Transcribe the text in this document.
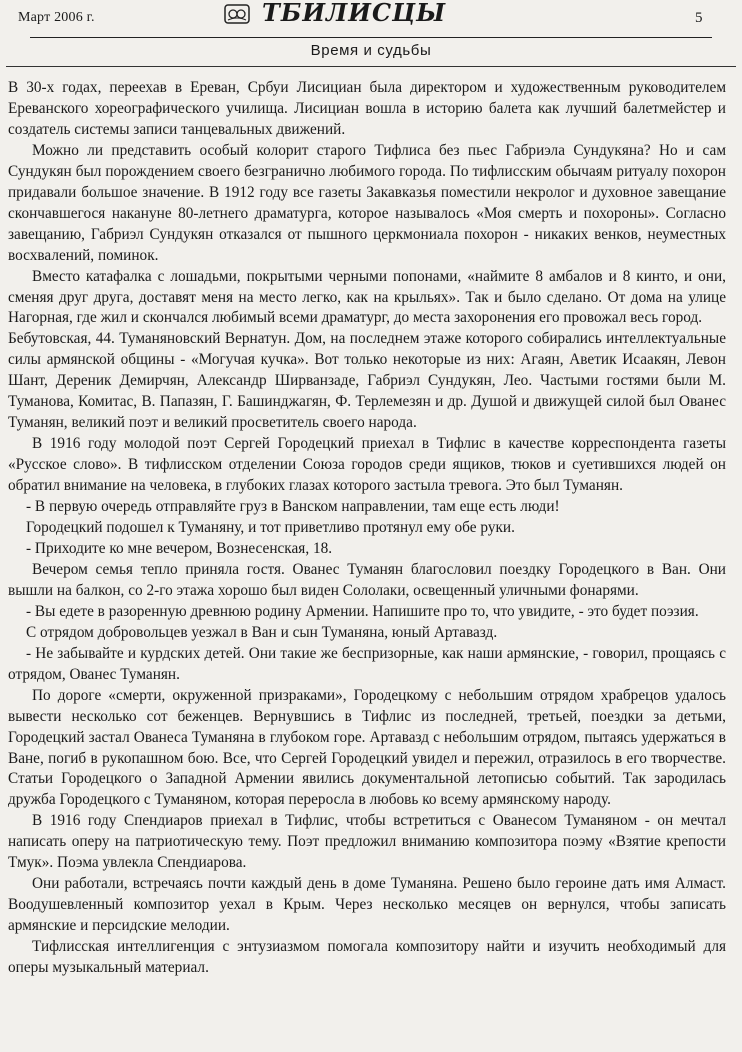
Март 2006 г.	ТБИЛИСЦЫ	5
Время и судьбы

В 30-х годах, переехав в Ереван, Србуи Лисициан была директором и художественным руководителем Ереванского хореографического училища. Лисициан вошла в историю балета как лучший балетмейстер и создатель системы записи танцевальных движений.

Можно ли представить особый колорит старого Тифлиса без пьес Габриэла Сундукяна? Но и сам Сундукян был порождением своего безгранично любимого города. По тифлисским обычаям ритуалу похорон придавали большое значение. В 1912 году все газеты Закавказья поместили некролог и духовное завещание скончавшегося накануне 80-летнего драматурга, которое называлось «Моя смерть и похороны». Согласно завещанию, Габриэл Сундукян отказался от пышного церкмониала похорон - никаких венков, неуместных восхвалений, поминок.

Вместо катафалка с лошадьми, покрытыми черными попонами, «наймите 8 амбалов и 8 кинто, и они, сменяя друг друга, доставят меня на место легко, как на крыльях». Так и было сделано. От дома на улице Нагорная, где жил и скончался любимый всеми драматург, до места захоронения его провожал весь город.

Бебутовская, 44. Туманяновский Вернатун. Дом, на последнем этаже которого собирались интеллектуальные силы армянской общины - «Могучая кучка». Вот только некоторые из них: Агаян, Аветик Исаакян, Левон Шант, Дереник Демирчян, Александр Ширванзаде, Габриэл Сундукян, Лео. Частыми гостями были М. Туманова, Комитас, В. Папазян, Г. Башинджагян, Ф. Терлемезян и др. Душой и движущей силой был Ованес Туманян, великий поэт и великий просветитель своего народа.

В 1916 году молодой поэт Сергей Городецкий приехал в Тифлис в качестве корреспондента газеты «Русское слово». В тифлисском отделении Союза городов среди ящиков, тюков и суетившихся людей он обратил внимание на человека, в глубоких глазах которого застыла тревога. Это был Туманян.

- В первую очередь отправляйте груз в Ванском направлении, там еще есть люди!

Городецкий подошел к Туманяну, и тот приветливо протянул ему обе руки.

- Приходите ко мне вечером, Вознесенская, 18.

Вечером семья тепло приняла гостя. Ованес Туманян благословил поездку Городецкого в Ван. Они вышли на балкон, со 2-го этажа хорошо был виден Сололаки, освещенный уличными фонарями.

- Вы едете в разоренную древнюю родину Армении. Напишите про то, что увидите, - это будет поэзия.

С отрядом добровольцев уезжал в Ван и сын Туманяна, юный Артавазд.

- Не забывайте и курдских детей. Они такие же беспризорные, как наши армянские, - говорил, прощаясь с отрядом, Ованес Туманян.

По дороге «смерти, окруженной призраками», Городецкому с небольшим отрядом храбрецов удалось вывести несколько сот беженцев. Вернувшись в Тифлис из последней, третьей, поездки за детьми, Городецкий застал Ованеса Туманяна в глубоком горе. Артавазд с небольшим отрядом, пытаясь удержаться в Ване, погиб в рукопашном бою. Все, что Сергей Городецкий увидел и пережил, отразилось в его творчестве. Статьи Городецкого о Западной Армении явились документальной летописью событий. Так зародилась дружба Городецкого с Туманяном, которая переросла в любовь ко всему армянскому народу.

В 1916 году Спендиаров приехал в Тифлис, чтобы встретиться с Ованесом Туманяном - он мечтал написать оперу на патриотическую тему. Поэт предложил вниманию композитора поэму «Взятие крепости Тмук». Поэма увлекла Спендиарова.

Они работали, встречаясь почти каждый день в доме Туманяна. Решено было героине дать имя Алмаст. Воодушевленный композитор уехал в Крым. Через несколько месяцев он вернулся, чтобы записать армянские и персидские мелодии.

Тифлисская интеллигенция с энтузиазмом помогала композитору найти и изучить необходимый для оперы музыкальный материал.
